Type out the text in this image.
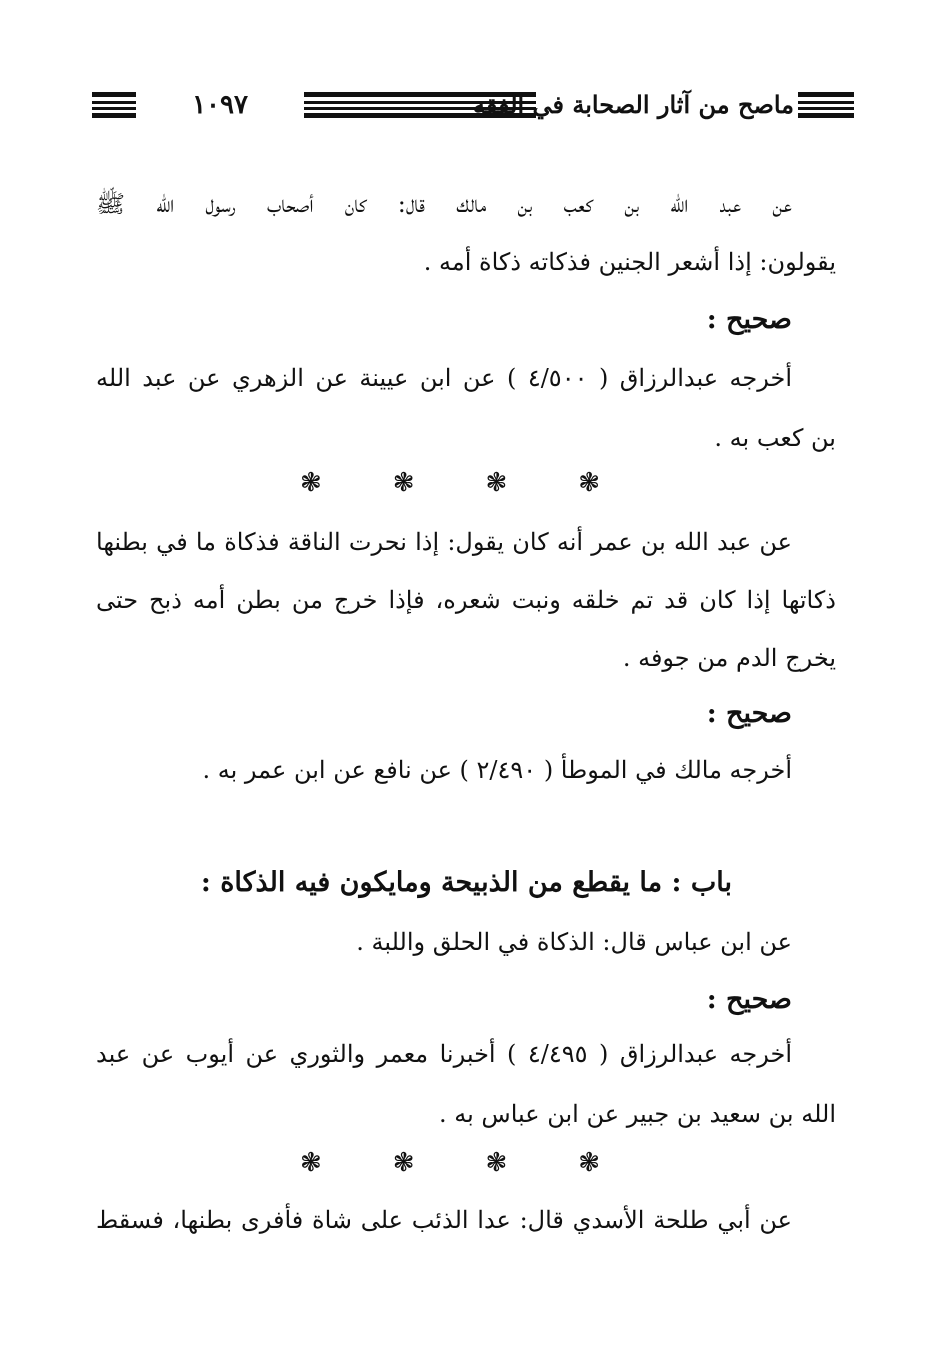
١٠٩٧	ماصح من آثار الصحابة في الفقه
عن عبد الله بن كعب بن مالك قال: كان أصحاب رسول الله ﷺ
يقولون: إذا أشعر الجنين فذكاته ذكاة أمه .
صحيح :
أخرجه عبدالرزاق ( ٤/٥٠٠ ) عن ابن عيينة عن الزهري عن عبد الله
بن كعب به .
❃	❃	❃	❃
عن عبد الله بن عمر أنه كان يقول: إذا نحرت الناقة فذكاة ما في بطنها
ذكاتها إذا كان قد تم خلقه ونبت شعره، فإذا خرج من بطن أمه ذبح حتى
يخرج الدم من جوفه .
صحيح :
أخرجه مالك في الموطأ ( ٢/٤٩٠ ) عن نافع عن ابن عمر به .
باب : ما يقطع من الذبيحة ومايكون فيه الذكاة :
عن ابن عباس قال: الذكاة في الحلق واللبة .
صحيح :
أخرجه عبدالرزاق ( ٤/٤٩٥ ) أخبرنا معمر والثوري عن أيوب عن عبد
الله بن سعيد بن جبير عن ابن عباس به .
❃	❃	❃	❃
عن أبي طلحة الأسدي قال: عدا الذئب على شاة فأفرى بطنها، فسقط
